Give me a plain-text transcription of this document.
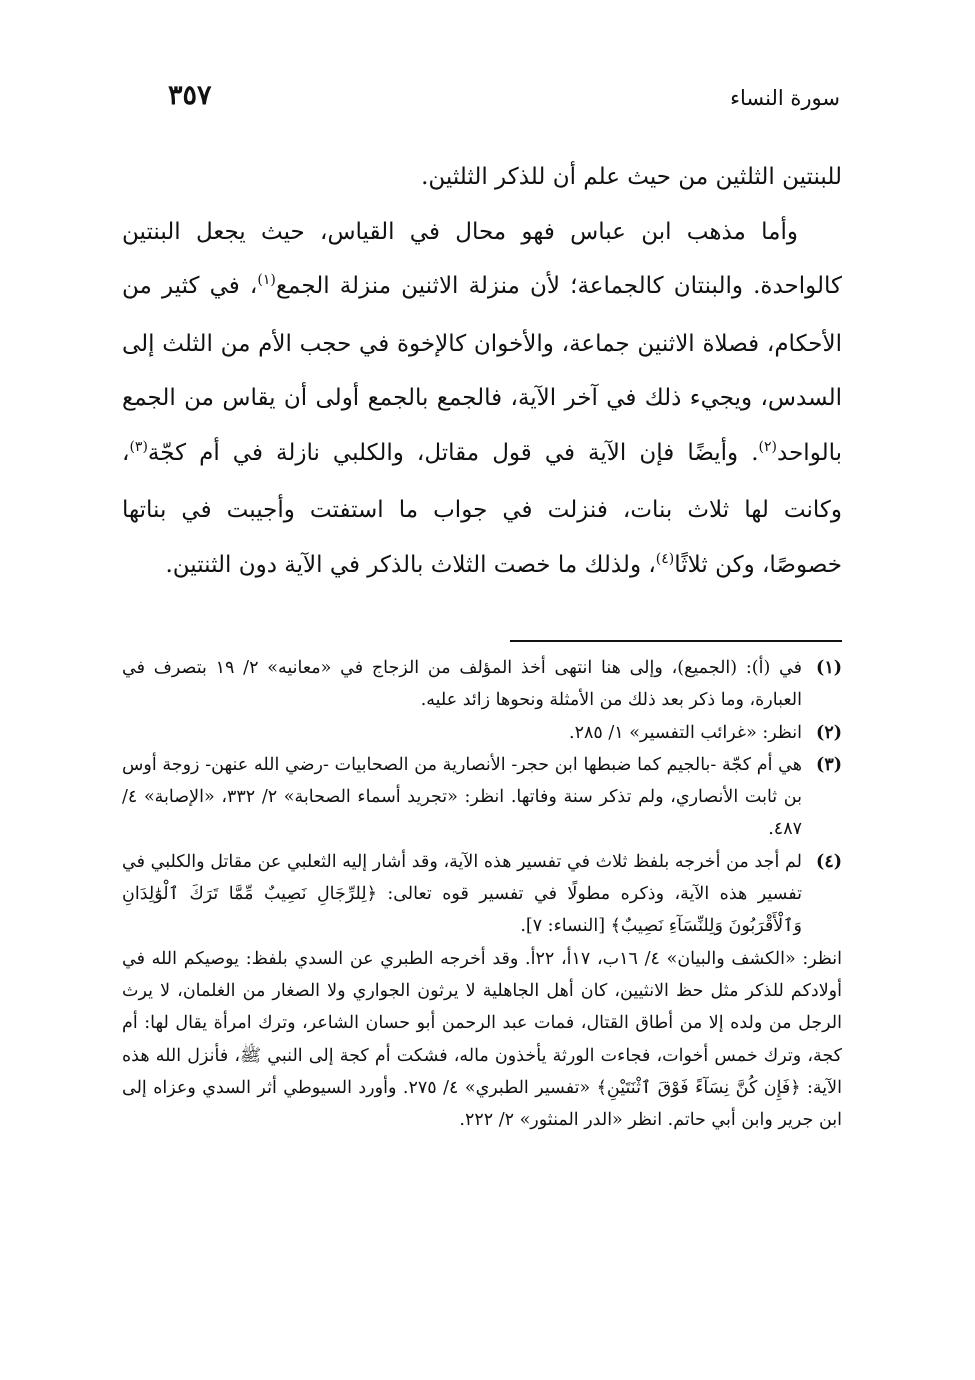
سورة النساء
٣٥٧

للبنتين الثلثين من حيث علم أن للذكر الثلثين.

وأما مذهب ابن عباس فهو محال في القياس، حيث يجعل البنتين كالواحدة. والبنتان كالجماعة؛ لأن منزلة الاثنين منزلة الجمع$^{(١)}$، في كثير من الأحكام، فصلاة الاثنين جماعة، والأخوان كالإخوة في حجب الأم من الثلث إلى السدس، ويجيء ذلك في آخر الآية، فالجمع بالجمع أولى أن يقاس من الجمع بالواحد$^{(٢)}$. وأيضًا فإن الآية في قول مقاتل، والكلبي نازلة في أم كجّة$^{(٣)}$، وكانت لها ثلاث بنات، فنزلت في جواب ما استفتت وأجيبت في بناتها خصوصًا، وكن ثلاثًا$^{(٤)}$، ولذلك ما خصت الثلاث بالذكر في الآية دون الثنتين.

(١)
في (أ): (الجميع)، وإلى هنا انتهى أخذ المؤلف من الزجاج في «معانيه» ٢/ ١٩ بتصرف في العبارة، وما ذكر بعد ذلك من الأمثلة ونحوها زائد عليه.
(٢)
انظر: «غرائب التفسير» ١/ ٢٨٥.
(٣)
هي أم كجّة -بالجيم كما ضبطها ابن حجر- الأنصارية من الصحابيات -رضي الله عنهن- زوجة أوس بن ثابت الأنصاري، ولم تذكر سنة وفاتها. انظر: «تجريد أسماء الصحابة» ٢/ ٣٣٢، «الإصابة» ٤/ ٤٨٧.
(٤)
لم أجد من أخرجه بلفظ ثلاث في تفسير هذه الآية، وقد أشار إليه الثعلبي عن مقاتل والكلبي في تفسير هذه الآية، وذكره مطولًا في تفسير قوه تعالى: ﴿لِلرِّجَالِ نَصِيبٌ مِّمَّا تَرَكَ ٱلْوَٰلِدَانِ وَٱلْأَقْرَبُونَ وَلِلنِّسَآءِ نَصِيبٌ﴾ [النساء: ٧].

انظر: «الكشف والبيان» ٤/ ١٦ب، ١٧أ، ٢٢أ. وقد أخرجه الطبري عن السدي بلفظ: يوصيكم الله في أولادكم للذكر مثل حظ الانثيين، كان أهل الجاهلية لا يرثون الجواري ولا الصغار من الغلمان، لا يرث الرجل من ولده إلا من أطاق القتال، فمات عبد الرحمن أبو حسان الشاعر، وترك امرأة يقال لها: أم كجة، وترك خمس أخوات، فجاءت الورثة يأخذون ماله، فشكت أم كجة إلى النبي ﷺ، فأنزل الله هذه الآية: ﴿فَإِن كُنَّ نِسَآءً فَوْقَ ٱثْنَتَيْنِ﴾ «تفسير الطبري» ٤/ ٢٧٥. وأورد السيوطي أثر السدي وعزاه إلى ابن جرير وابن أبي حاتم. انظر «الدر المنثور» ٢/ ٢٢٢.
